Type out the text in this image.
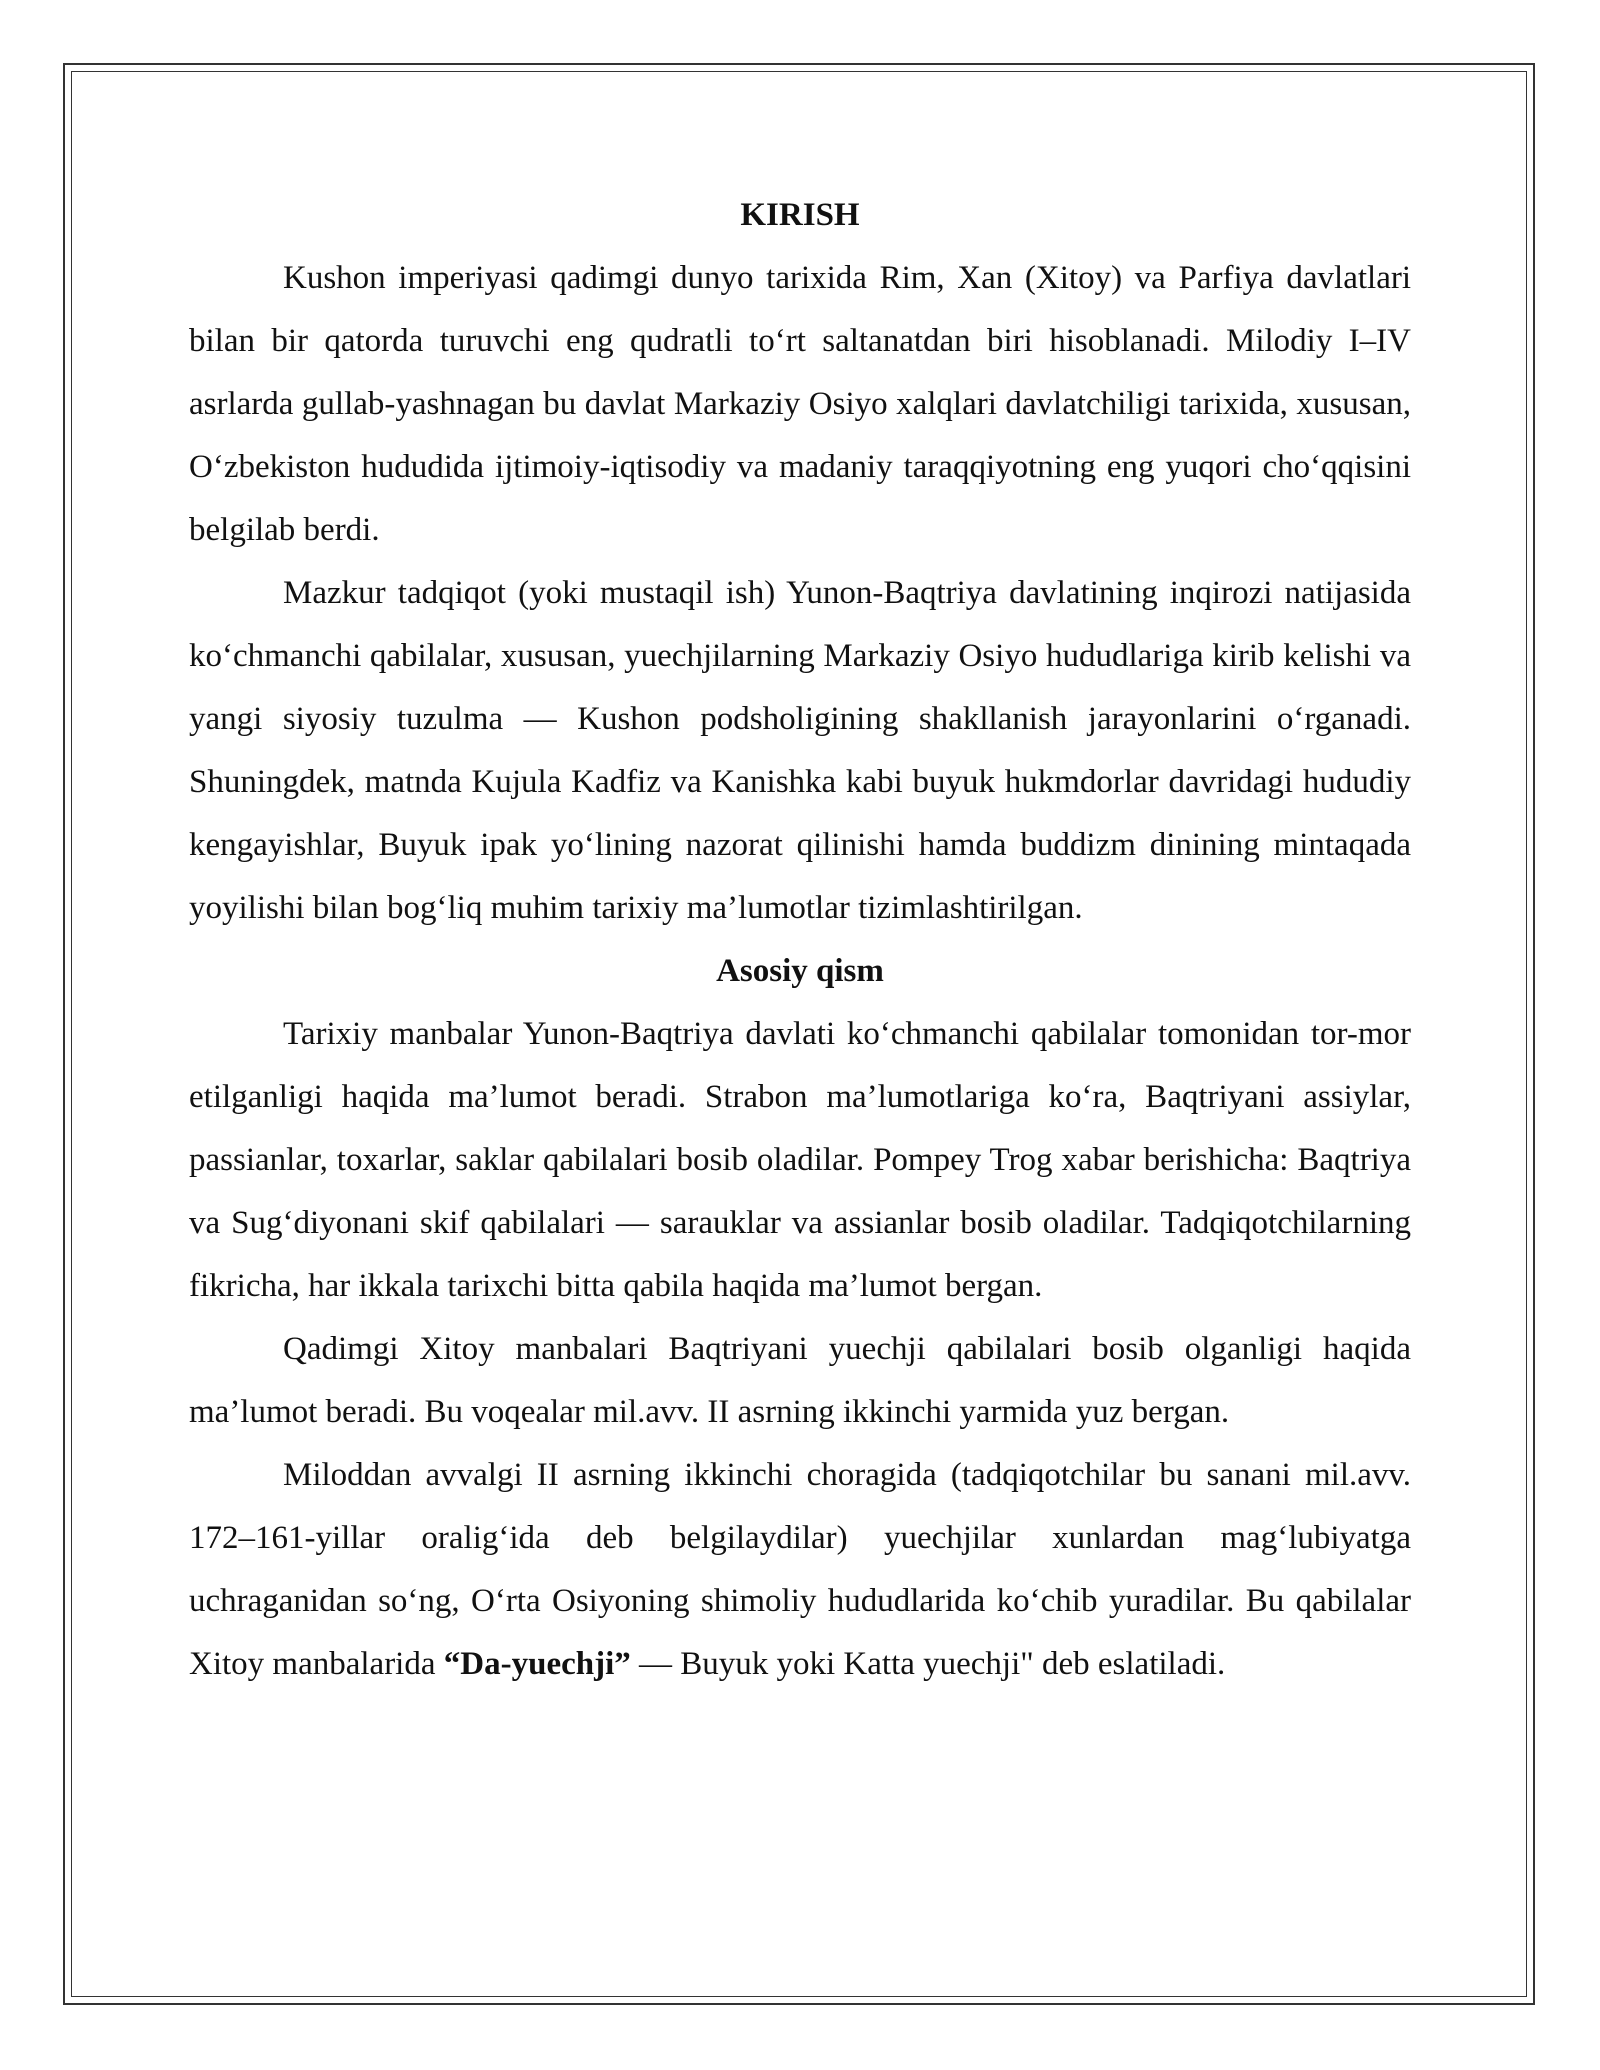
KIRISH

Kushon imperiyasi qadimgi dunyo tarixida Rim, Xan (Xitoy) va Parfiya davlatlari bilan bir qatorda turuvchi eng qudratli to‘rt saltanatdan biri hisoblanadi. Milodiy I–IV asrlarda gullab-yashnagan bu davlat Markaziy Osiyo xalqlari davlatchiligi tarixida, xususan, O‘zbekiston hududida ijtimoiy-iqtisodiy va madaniy taraqqiyotning eng yuqori cho‘qqisini belgilab berdi.

Mazkur tadqiqot (yoki mustaqil ish) Yunon-Baqtriya davlatining inqirozi natijasida ko‘chmanchi qabilalar, xususan, yuechjilarning Markaziy Osiyo hududlariga kirib kelishi va yangi siyosiy tuzulma — Kushon podsholigining shakllanish jarayonlarini o‘rganadi. Shuningdek, matnda Kujula Kadfiz va Kanishka kabi buyuk hukmdorlar davridagi hududiy kengayishlar, Buyuk ipak yo‘lining nazorat qilinishi hamda buddizm dinining mintaqada yoyilishi bilan bog‘liq muhim tarixiy ma’lumotlar tizimlashtirilgan.

Asosiy qism

Tarixiy manbalar Yunon-Baqtriya davlati ko‘chmanchi qabilalar tomonidan tor-mor etilganligi haqida ma’lumot beradi. Strabon ma’lumotlariga ko‘ra, Baqtriyani assiylar, passianlar, toxarlar, saklar qabilalari bosib oladilar. Pompey Trog xabar berishicha: Baqtriya va Sug‘diyonani skif qabilalari — sarauklar va assianlar bosib oladilar. Tadqiqotchilarning fikricha, har ikkala tarixchi bitta qabila haqida ma’lumot bergan.

Qadimgi Xitoy manbalari Baqtriyani yuechji qabilalari bosib olganligi haqida ma’lumot beradi. Bu voqealar mil.avv. II asrning ikkinchi yarmida yuz bergan.

Miloddan avvalgi II asrning ikkinchi choragida (tadqiqotchilar bu sanani mil.avv. 172–161-yillar oralig‘ida deb belgilaydilar) yuechjilar xunlardan mag‘lubiyatga uchraganidan so‘ng, O‘rta Osiyoning shimoliy hududlarida ko‘chib yuradilar. Bu qabilalar Xitoy manbalarida “Da-yuechji” — Buyuk yoki Katta yuechji" deb eslatiladi.
